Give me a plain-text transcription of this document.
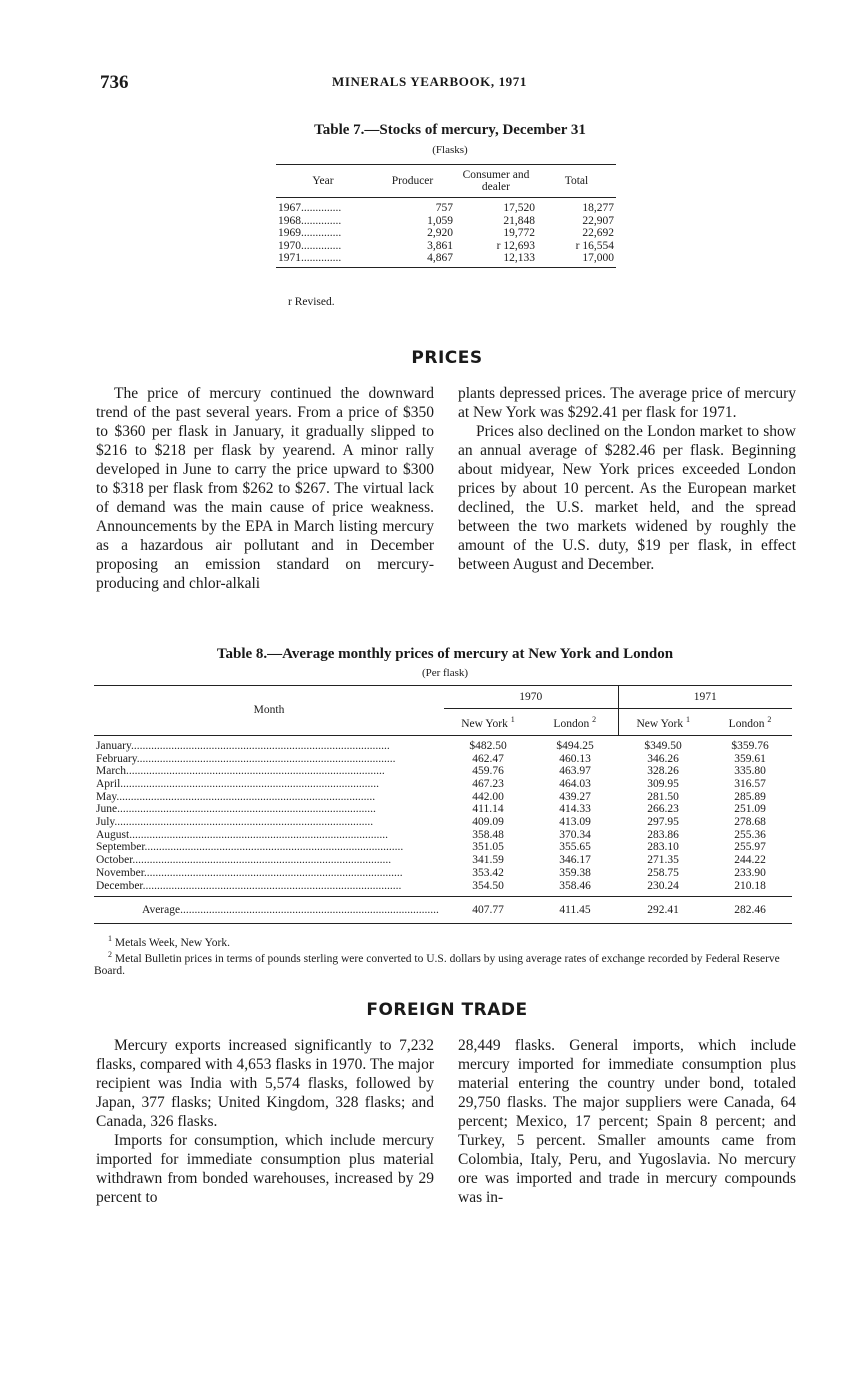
736	MINERALS YEARBOOK, 1971
Table 7.—Stocks of mercury, December 31
(Flasks)
Year	Producer	Consumer and dealer	Total
1967..............	757	17,520	18,277
1968..............	1,059	21,848	22,907
1969..............	2,920	19,772	22,692
1970..............	3,861	r 12,693	r 16,554
1971..............	4,867	12,133	17,000
r Revised.
PRICES

The price of mercury continued the downward trend of the past several years. From a price of $350 to $360 per flask in January, it gradually slipped to $216 to $218 per flask by yearend. A minor rally developed in June to carry the price upward to $300 to $318 per flask from $262 to $267. The virtual lack of demand was the main cause of price weakness. Announcements by the EPA in March listing mercury as a hazardous air pollutant and in December proposing an emission standard on mercury-producing and chlor-alkali

plants depressed prices. The average price of mercury at New York was $292.41 per flask for 1971.

Prices also declined on the London market to show an annual average of $282.46 per flask. Beginning about midyear, New York prices exceeded London prices by about 10 percent. As the European market declined, the U.S. market held, and the spread between the two markets widened by roughly the amount of the U.S. duty, $19 per flask, in effect between August and December.

Table 8.—Average monthly prices of mercury at New York and London
(Per flask)
Month	1970		1971	
	New York $^1$	London $^2$	New York $^1$	London $^2$
January..........................................................................................	$482.50	$494.25	$349.50	$359.76
February..........................................................................................	462.47	460.13	346.26	359.61
March..........................................................................................	459.76	463.97	328.26	335.80
April..........................................................................................	467.23	464.03	309.95	316.57
May..........................................................................................	442.00	439.27	281.50	285.89
June..........................................................................................	411.14	414.33	266.23	251.09
July..........................................................................................	409.09	413.09	297.95	278.68
August..........................................................................................	358.48	370.34	283.86	255.36
September..........................................................................................	351.05	355.65	283.10	255.97
October..........................................................................................	341.59	346.17	271.35	244.22
November..........................................................................................	353.42	359.38	258.75	233.90
December..........................................................................................	354.50	358.46	230.24	210.18
Average..........................................................................................	407.77	411.45	292.41	282.46

$^1$ Metals Week, New York.

$^2$ Metal Bulletin prices in terms of pounds sterling were converted to U.S. dollars by using average rates of exchange recorded by Federal Reserve Board.

FOREIGN TRADE

Mercury exports increased significantly to 7,232 flasks, compared with 4,653 flasks in 1970. The major recipient was India with 5,574 flasks, followed by Japan, 377 flasks; United Kingdom, 328 flasks; and Canada, 326 flasks.

Imports for consumption, which include mercury imported for immediate consumption plus material withdrawn from bonded warehouses, increased by 29 percent to

28,449 flasks. General imports, which include mercury imported for immediate consumption plus material entering the country under bond, totaled 29,750 flasks. The major suppliers were Canada, 64 percent; Mexico, 17 percent; Spain 8 percent; and Turkey, 5 percent. Smaller amounts came from Colombia, Italy, Peru, and Yugoslavia. No mercury ore was imported and trade in mercury compounds was in-
